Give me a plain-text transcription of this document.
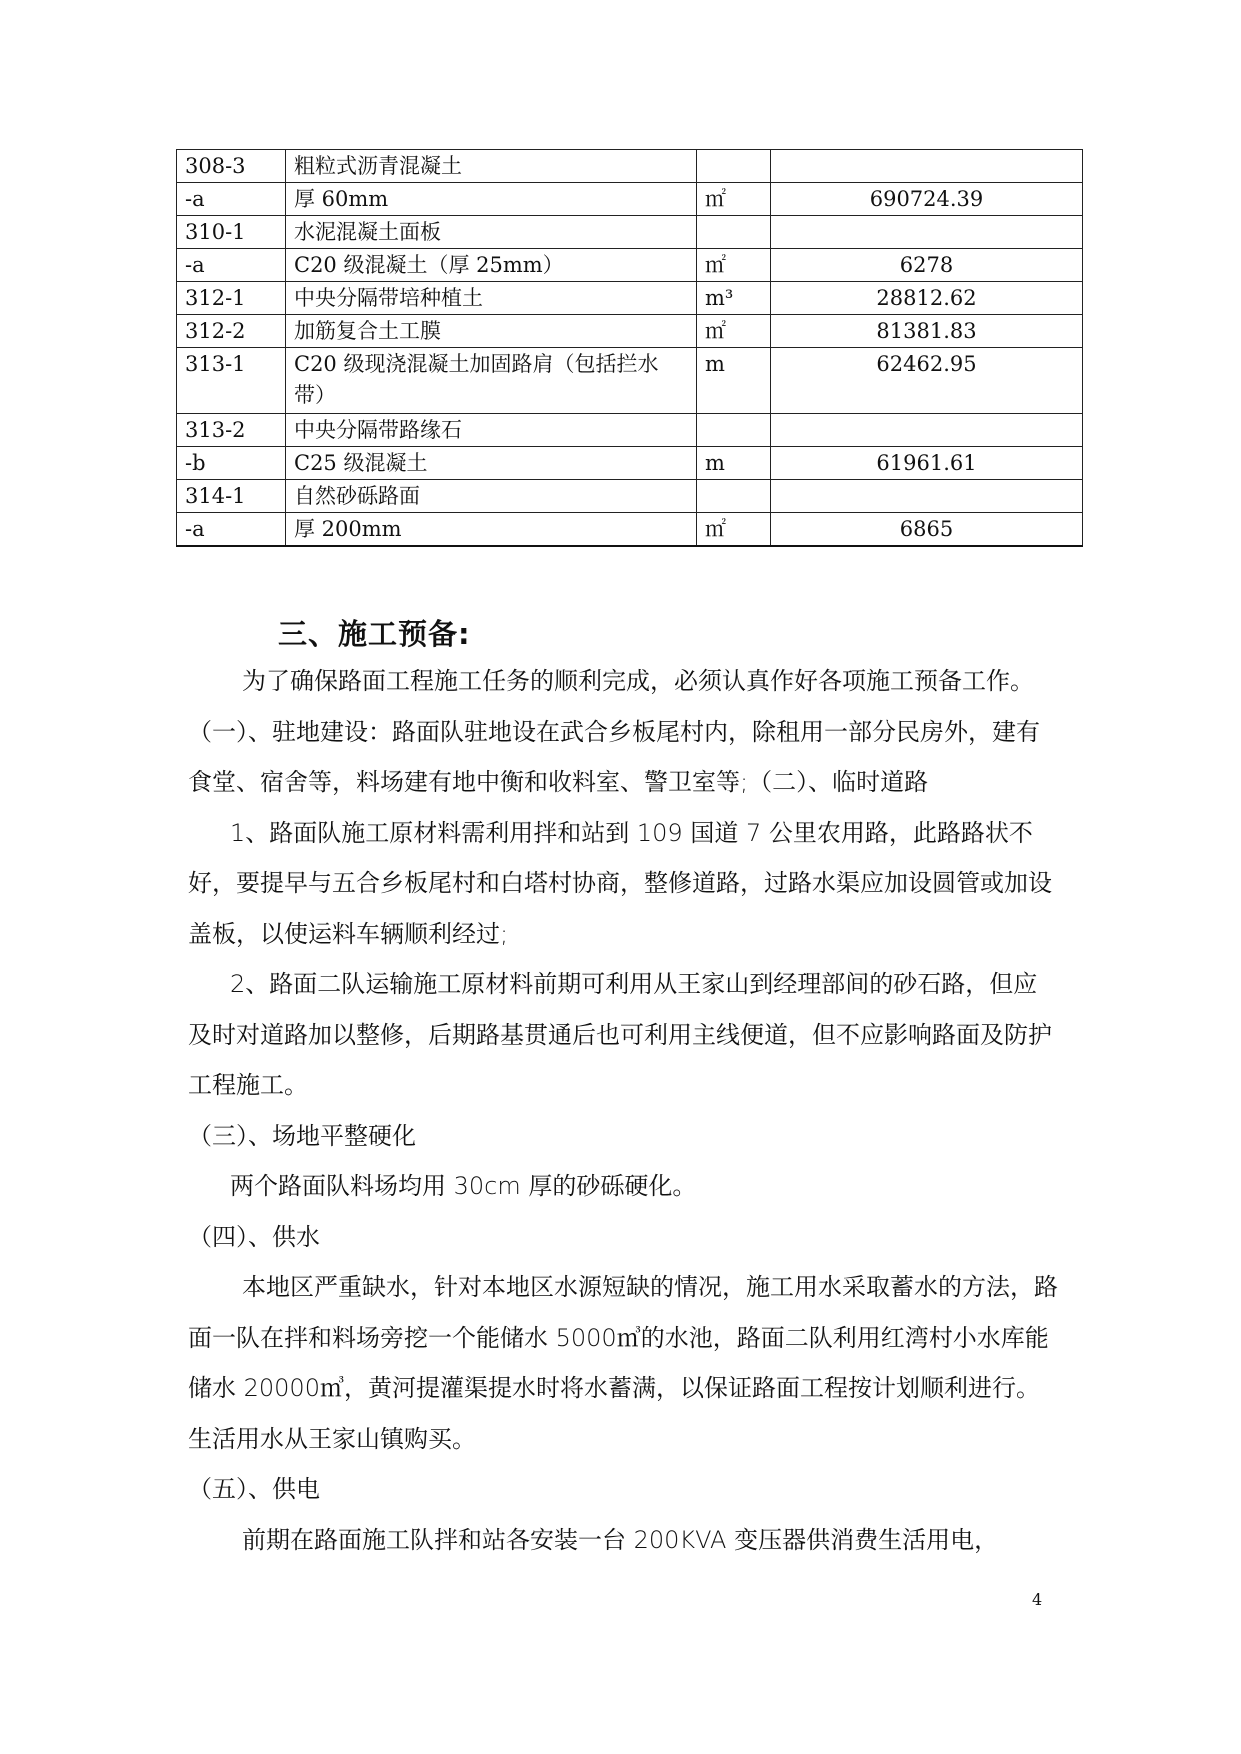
308-3	粗粒式沥青混凝土		
-a	厚 60mm	㎡	690724.39
310-1	水泥混凝土面板		
-a	C20 级混凝土（厚 25mm）	㎡	6278
312-1	中央分隔带培种植土	m³	28812.62
312-2	加筋复合土工膜	㎡	81381.83
313-1	C20 级现浇混凝土加固路肩（包括拦水带）	m	62462.95
313-2	中央分隔带路缘石		
-b	C25 级混凝土	m	61961.61
314-1	自然砂砾路面		
-a	厚 200mm	㎡	6865
三、施工预备:

为了确保路面工程施工任务的顺利完成，必须认真作好各项施工预备工作。

（一）、驻地建设：路面队驻地设在武合乡板尾村内，除租用一部分民房外，建有食堂、宿舍等，料场建有地中衡和收料室、警卫室等;（二）、临时道路

1、路面队施工原材料需利用拌和站到 109 国道 7 公里农用路，此路路状不好，要提早与五合乡板尾村和白塔村协商，整修道路，过路水渠应加设圆管或加设盖板，以使运料车辆顺利经过;

2、路面二队运输施工原材料前期可利用从王家山到经理部间的砂石路，但应及时对道路加以整修，后期路基贯通后也可利用主线便道，但不应影响路面及防护工程施工。

（三）、场地平整硬化

两个路面队料场均用 30cm 厚的砂砾硬化。

（四）、供水

本地区严重缺水，针对本地区水源短缺的情况，施工用水采取蓄水的方法，路面一队在拌和料场旁挖一个能储水 5000㎥的水池，路面二队利用红湾村小水库能储水 20000㎥，黄河提灌渠提水时将水蓄满，以保证路面工程按计划顺利进行。生活用水从王家山镇购买。

（五）、供电

前期在路面施工队拌和站各安装一台 200KVA 变压器供消费生活用电，

4
